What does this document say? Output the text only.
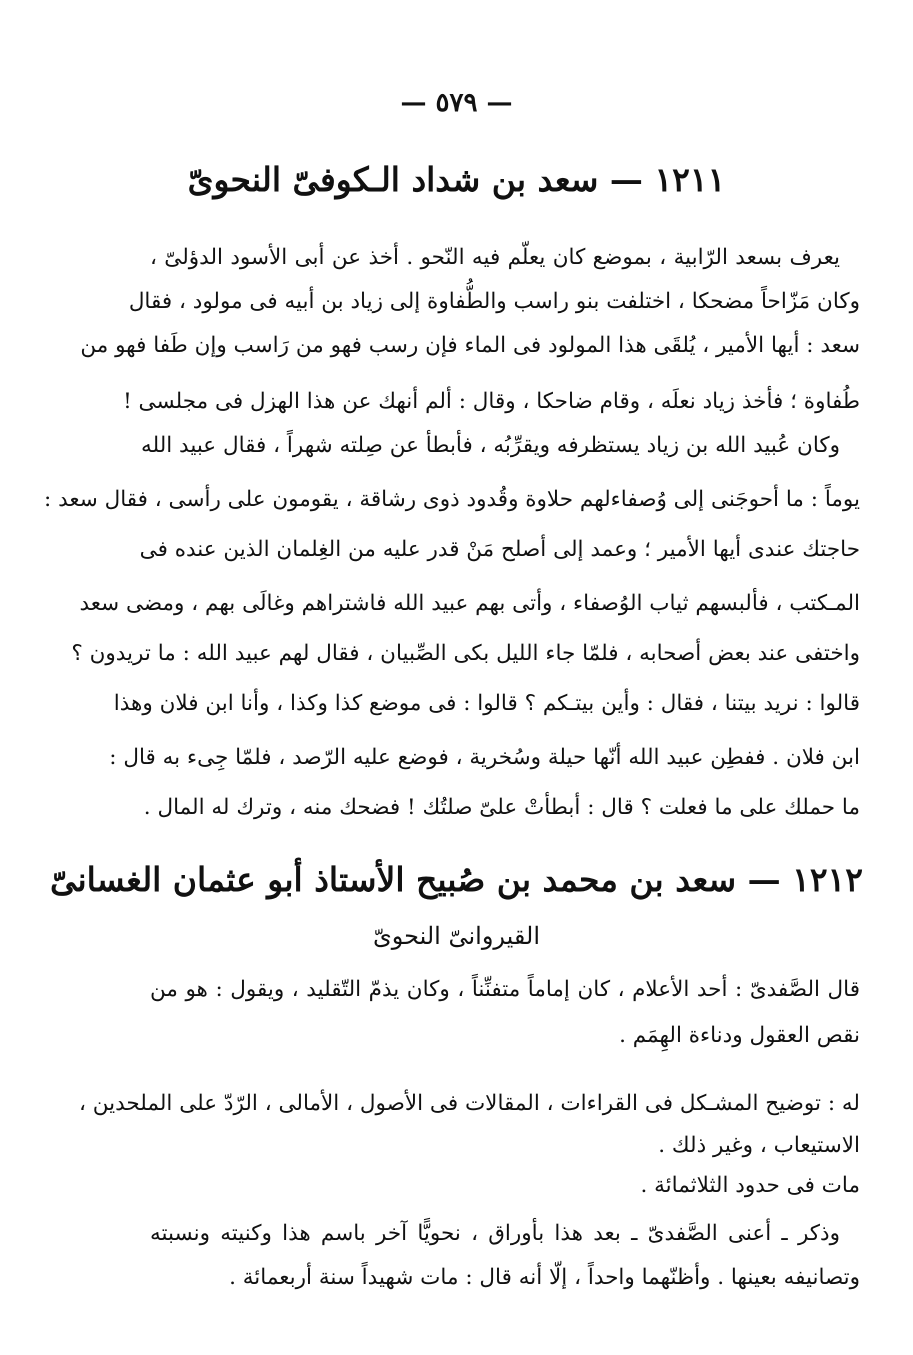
— ٥٧٩ —
١٢١١ — سعد بن شداد الـكوفىّ النحوىّ
يعرف بسعد الرّابية ، بموضع كان يعلّم فيه النّحو . أخذ عن أبى الأسود الدؤلىّ ،
وكان مَزّاحاً مضحكا ، اختلفت بنو راسب والطُّفاوة إلى زياد بن أبيه فى مولود ، فقال
سعد : أيها الأمير ، يُلقَى هذا المولود فى الماء فإن رسب فهو من رَاسب وإن طَفا فهو من
طُفاوة ؛ فأخذ زياد نعلَه ، وقام ضاحكا ، وقال : ألم أنهك عن هذا الهزل فى مجلسى !
وكان عُبيد الله بن زياد يستظرفه ويقرِّبُه ، فأبطأ عن صِلته شهراً ، فقال عبيد الله
يوماً : ما أحوجَنى إلى وُصفاءلهم حلاوة وقُدود ذوى رشاقة ، يقومون على رأسى ، فقال سعد :
حاجتك عندى أيها الأمير ؛ وعمد إلى أصلح مَنْ قدر عليه من الغِلمان الذين عنده فى
المـكتب ، فألبسهم ثياب الوُصفاء ، وأتى بهم عبيد الله فاشتراهم وغالَى بهم ، ومضى سعد
واختفى عند بعض أصحابه ، فلمّا جاء الليل بكى الصِّبيان ، فقال لهم عبيد الله : ما تريدون ؟
قالوا : نريد بيتنا ، فقال : وأين بيتـكم ؟ قالوا : فى موضع كذا وكذا ، وأنا ابن فلان وهذا
ابن فلان . ففطِن عبيد الله أنّها حيلة وسُخرية ، فوضع عليه الرّصد ، فلمّا جِىء به قال :
ما حملك على ما فعلت ؟ قال : أبطأتْ علىّ صلتُك ! فضحك منه ، وترك له المال .
١٢١٢ — سعد بن محمد بن صُبيح الأستاذ أبو عثمان الغسانىّ
القيروانىّ النحوىّ
قال الصَّفدىّ : أحد الأعلام ، كان إماماً متفنِّناً ، وكان يذمّ التّقليد ، ويقول : هو من
نقص العقول ودناءة الهِمَم .
له : توضيح المشـكل فى القراءات ، المقالات فى الأصول ، الأمالى ، الرّدّ على الملحدين ،
الاستيعاب ، وغير ذلك .
مات فى حدود الثلاثمائة .
وذكر ـ أعنى الصَّفدىّ ـ بعد هذا بأوراق ، نحويًّا آخر باسم هذا وكنيته ونسبته
وتصانيفه بعينها . وأظنّهما واحداً ، إلّا أنه قال : مات شهيداً سنة أربعمائة .
